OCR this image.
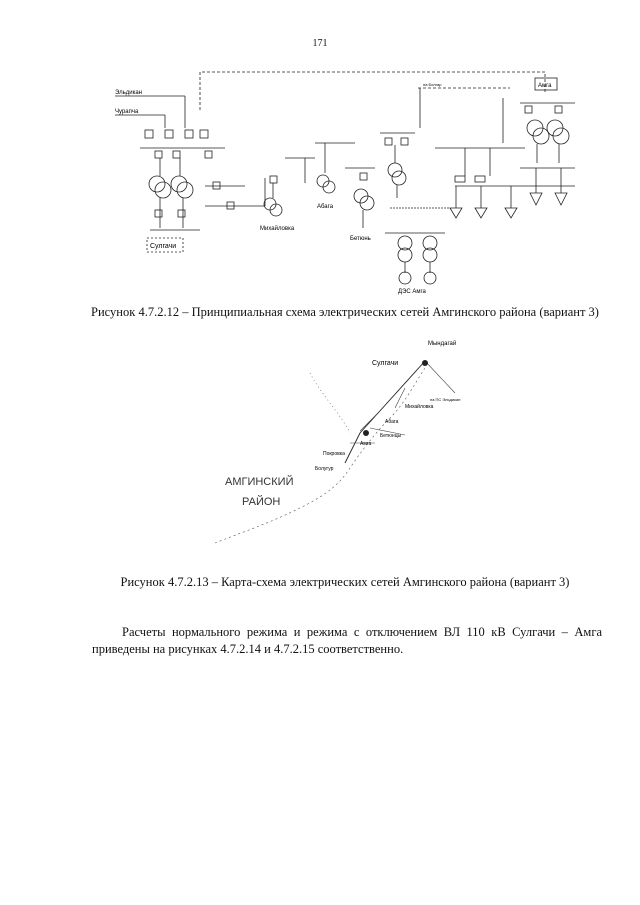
171
Эльдикан
Чурапча
Сулгачи
Михайловка
Абага
Бетюнь
ДЭС Амга
Амга
на Болгар
Рисунок 4.7.2.12 – Принципиальная схема электрических сетей Амгинского района (вариант 3)
Мындагай
Сулгачи
Михайловка
на ПС Эльдикан
Абага
Бетюнцы
Амга
Покровка
Болугур
АМГИНСКИЙ
РАЙОН
Рисунок 4.7.2.13 – Карта-схема электрических сетей Амгинского района (вариант 3)
Расчеты нормального режима и режима с отключением ВЛ 110 кВ Сулгачи – Амга приведены на рисунках 4.7.2.14 и 4.7.2.15 соответственно.
